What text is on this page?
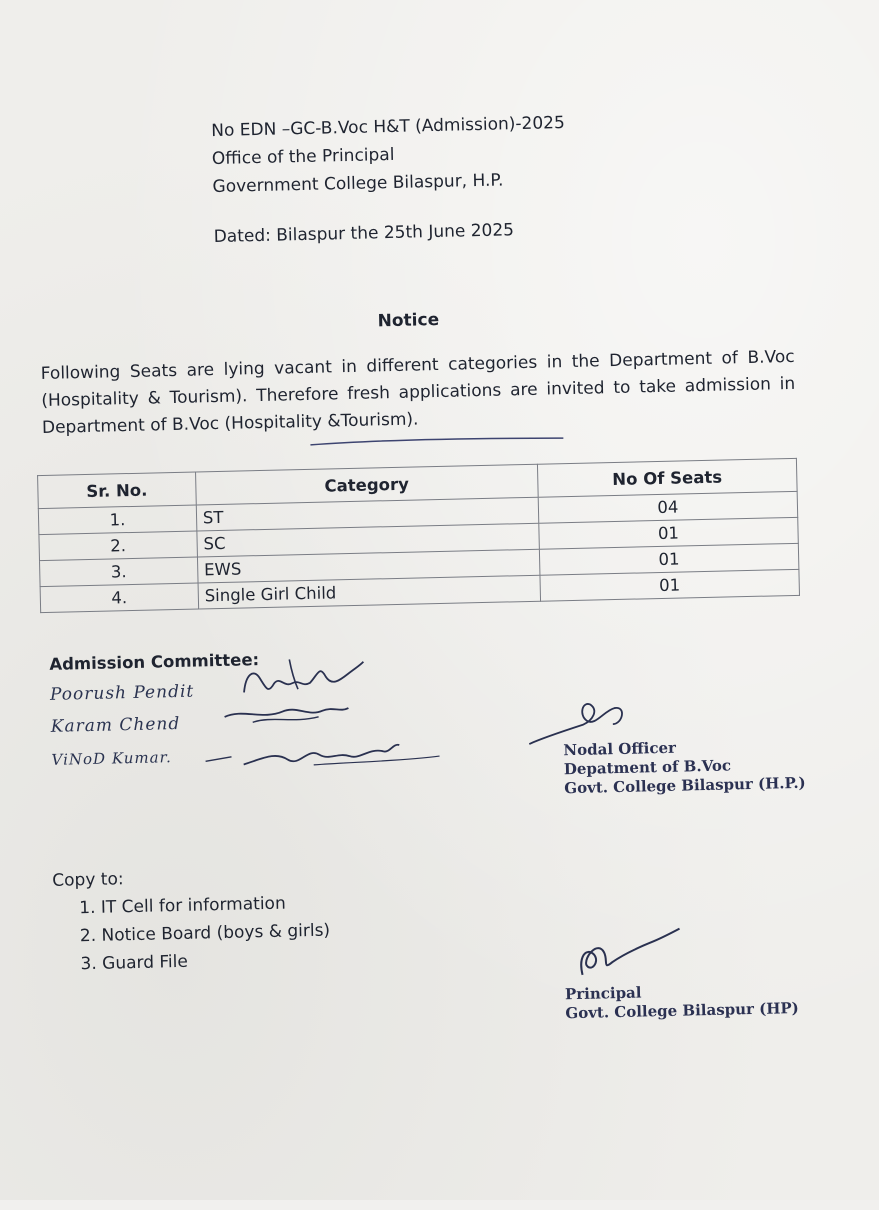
No EDN –GC-B.Voc H&T (Admission)-2025
Office of the Principal
Government College Bilaspur, H.P.
Dated: Bilaspur the 25th June 2025
Notice
Following Seats are lying vacant in different categories in the Department of B.Voc (Hospitality & Tourism). Therefore fresh applications are invited to take admission in Department of B.Voc (Hospitality &Tourism).
Sr. No.	Category	No Of Seats
1.	ST	04
2.	SC	01
3.	EWS	01
4.	Single Girl Child	01
Admission Committee:
Poorush Pendit
Karam Chend
ViNoD Kumar.	Nodal Officer
Depatment of B.Voc
Govt. College Bilaspur (H.P.)
Copy to:
1. IT Cell for information
2. Notice Board (boys & girls)
3. Guard File
Principal
Govt. College Bilaspur (HP)
